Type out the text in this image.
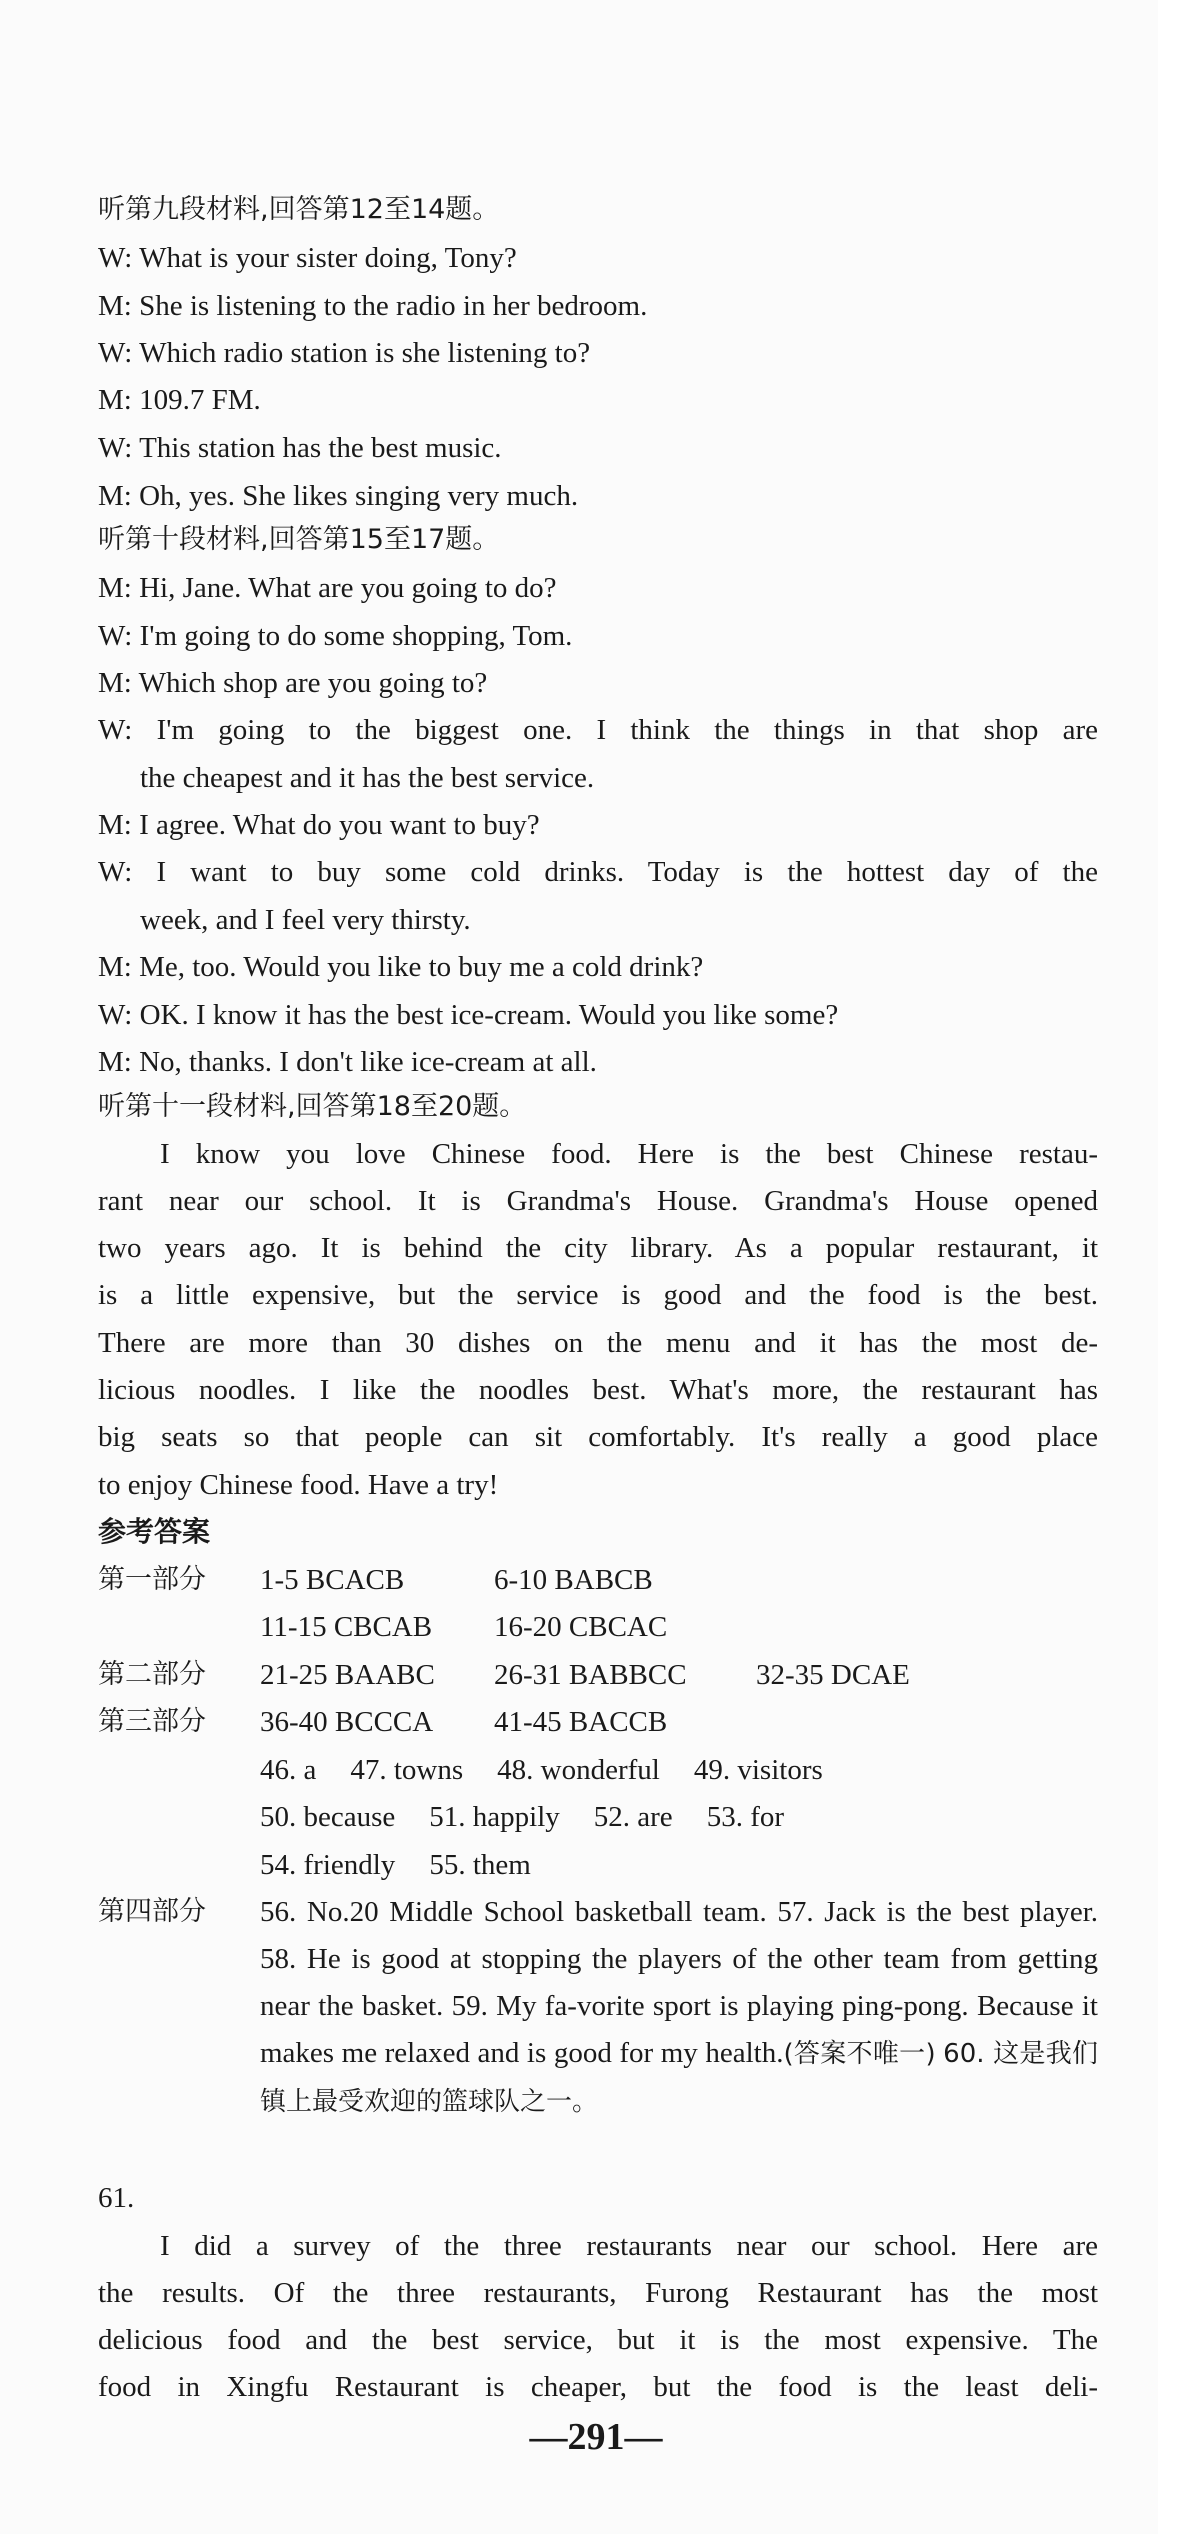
听第九段材料,回答第12至14题。
W: What is your sister doing, Tony?
M: She is listening to the radio in her bedroom.
W: Which radio station is she listening to?
M: 109.7 FM.
W: This station has the best music.
M: Oh, yes. She likes singing very much.
听第十段材料,回答第15至17题。
M: Hi, Jane. What are you going to do?
W: I'm going to do some shopping, Tom.
M: Which shop are you going to?
W: I'm going to the biggest one. I think the things in that shop are
the cheapest and it has the best service.
M: I agree. What do you want to buy?
W: I want to buy some cold drinks. Today is the hottest day of the
week, and I feel very thirsty.
M: Me, too. Would you like to buy me a cold drink?
W: OK. I know it has the best ice-cream. Would you like some?
M: No, thanks. I don't like ice-cream at all.
听第十一段材料,回答第18至20题。
I know you love Chinese food. Here is the best Chinese restau-
rant near our school. It is Grandma's House. Grandma's House opened
two years ago. It is behind the city library. As a popular restaurant, it
is a little expensive, but the service is good and the food is the best.
There are more than 30 dishes on the menu and it has the most de-
licious noodles. I like the noodles best. What's more, the restaurant has
big seats so that people can sit comfortably. It's really a good place
to enjoy Chinese food. Have a try!
参考答案
第一部分 1-5 BCACB	6-10 BABCB
11-15 CBCAB 16-20 CBCAC
第二部分 21-25 BAABC 26-31 BABBCC 32-35 DCAE
第三部分 36-40 BCCCA 41-45 BACCB
46. a 47. towns 48. wonderful 49. visitors
50. because 51. happily 52. are 53. for
54. friendly 55. them
第四部分 56. No.20 Middle School basketball team. 57. Jack is the best player. 58. He is good at stopping the players of the other team from getting near the basket. 59. My fa-vorite sport is playing ping-pong. Because it makes me relaxed and is good for my health.(答案不唯一) 60. 这是我们镇上最受欢迎的篮球队之一。
61.
I did a survey of the three restaurants near our school. Here are
the results. Of the three restaurants, Furong Restaurant has the most
delicious food and the best service, but it is the most expensive. The
food in Xingfu Restaurant is cheaper, but the food is the least deli-
—291—
